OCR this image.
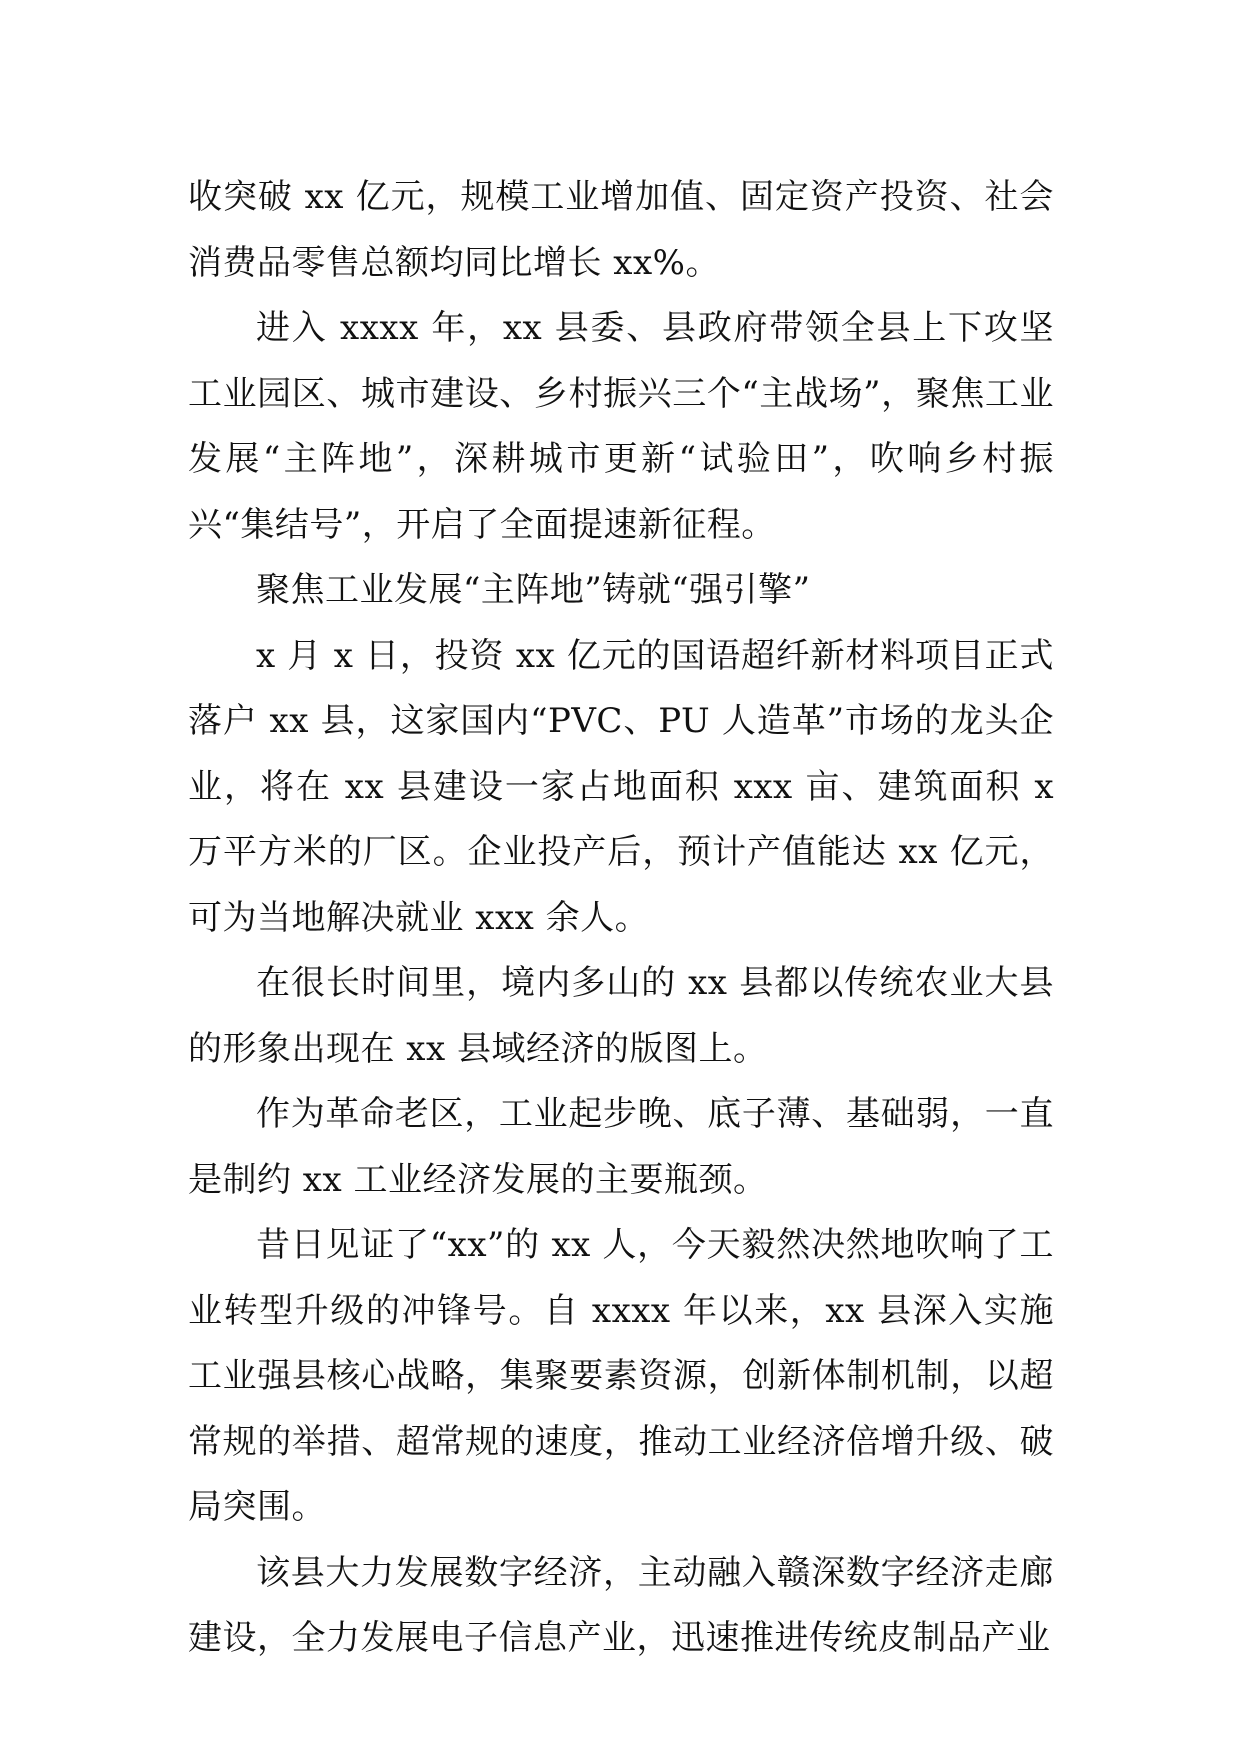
收突破 xx 亿元，规模工业增加值、固定资产投资、社会消费品零售总额均同比增长 xx%。

进入 xxxx 年，xx 县委、县政府带领全县上下攻坚工业园区、城市建设、乡村振兴三个“主战场”，聚焦工业发展“主阵地”，深耕城市更新“试验田”，吹响乡村振兴“集结号”，开启了全面提速新征程。

聚焦工业发展“主阵地”铸就“强引擎”

x 月 x 日，投资 xx 亿元的国语超纤新材料项目正式落户 xx 县，这家国内“PVC、PU 人造革”市场的龙头企业，将在 xx 县建设一家占地面积 xxx 亩、建筑面积 x 万平方米的厂区。企业投产后，预计产值能达 xx 亿元，可为当地解决就业 xxx 余人。

在很长时间里，境内多山的 xx 县都以传统农业大县的形象出现在 xx 县域经济的版图上。

作为革命老区，工业起步晚、底子薄、基础弱，一直是制约 xx 工业经济发展的主要瓶颈。

昔日见证了“xx”的 xx 人，今天毅然决然地吹响了工业转型升级的冲锋号。自 xxxx 年以来，xx 县深入实施工业强县核心战略，集聚要素资源，创新体制机制，以超常规的举措、超常规的速度，推动工业经济倍增升级、破局突围。

该县大力发展数字经济，主动融入赣深数字经济走廊建设，全力发展电子信息产业，迅速推进传统皮制品产业
